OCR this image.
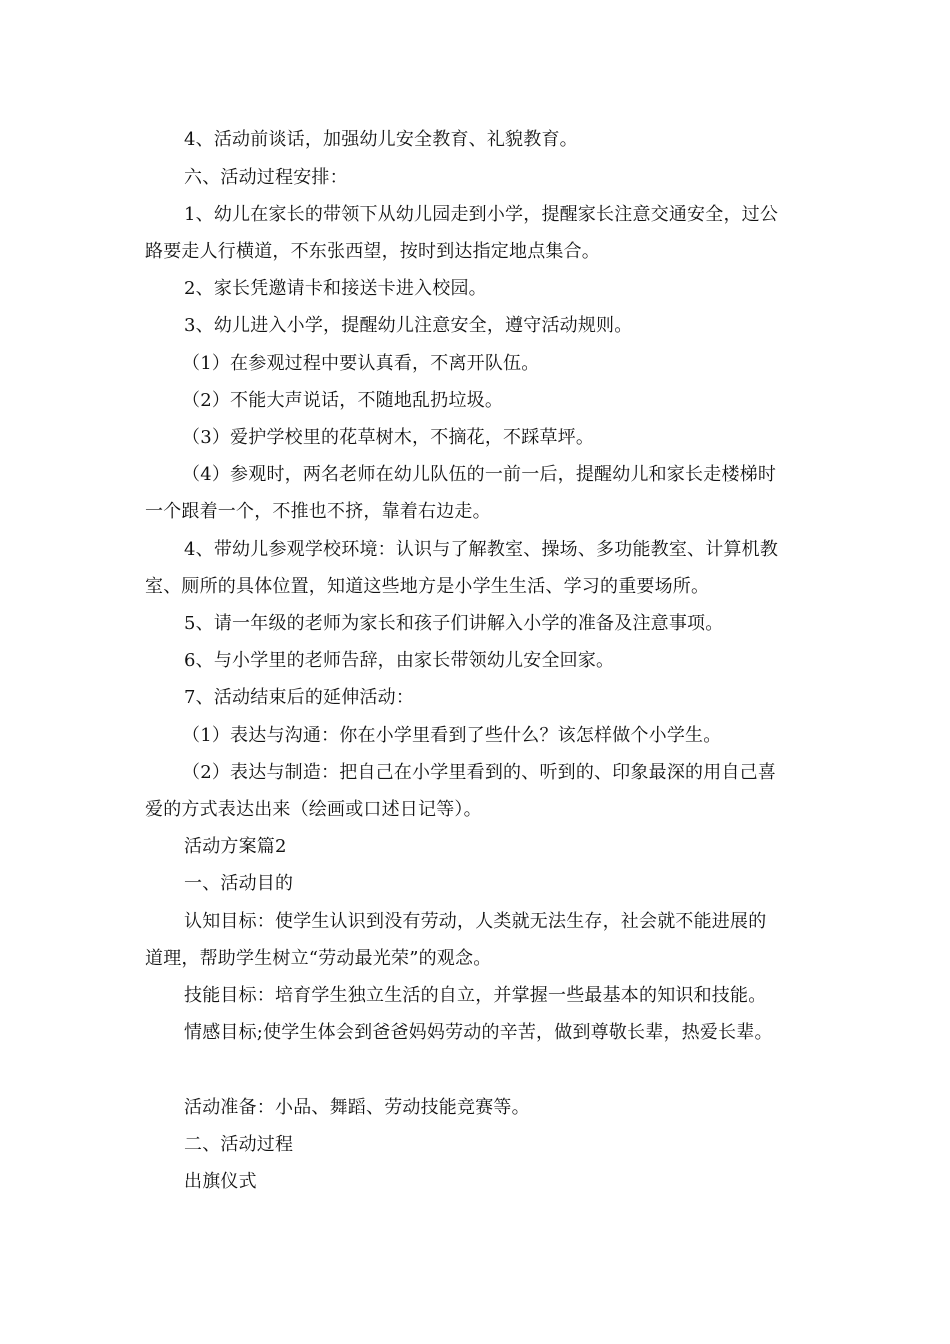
4、活动前谈话，加强幼儿安全教育、礼貌教育。
六、活动过程安排：
1、幼儿在家长的带领下从幼儿园走到小学，提醒家长注意交通安全，过公
路要走人行横道，不东张西望，按时到达指定地点集合。
2、家长凭邀请卡和接送卡进入校园。
3、幼儿进入小学，提醒幼儿注意安全，遵守活动规则。
（1）在参观过程中要认真看，不离开队伍。
（2）不能大声说话，不随地乱扔垃圾。
（3）爱护学校里的花草树木，不摘花，不踩草坪。
（4）参观时，两名老师在幼儿队伍的一前一后，提醒幼儿和家长走楼梯时
一个跟着一个，不推也不挤，靠着右边走。
4、带幼儿参观学校环境：认识与了解教室、操场、多功能教室、计算机教
室、厕所的具体位置，知道这些地方是小学生生活、学习的重要场所。
5、请一年级的老师为家长和孩子们讲解入小学的准备及注意事项。
6、与小学里的老师告辞，由家长带领幼儿安全回家。
7、活动结束后的延伸活动：
（1）表达与沟通：你在小学里看到了些什么？该怎样做个小学生。
（2）表达与制造：把自己在小学里看到的、听到的、印象最深的用自己喜
爱的方式表达出来（绘画或口述日记等）。
活动方案篇2
一、活动目的
认知目标：使学生认识到没有劳动，人类就无法生存，社会就不能进展的
道理，帮助学生树立“劳动最光荣”的观念。
技能目标：培育学生独立生活的自立，并掌握一些最基本的知识和技能。
情感目标;使学生体会到爸爸妈妈劳动的辛苦，做到尊敬长辈，热爱长辈。
活动准备：小品、舞蹈、劳动技能竞赛等。
二、活动过程
出旗仪式
